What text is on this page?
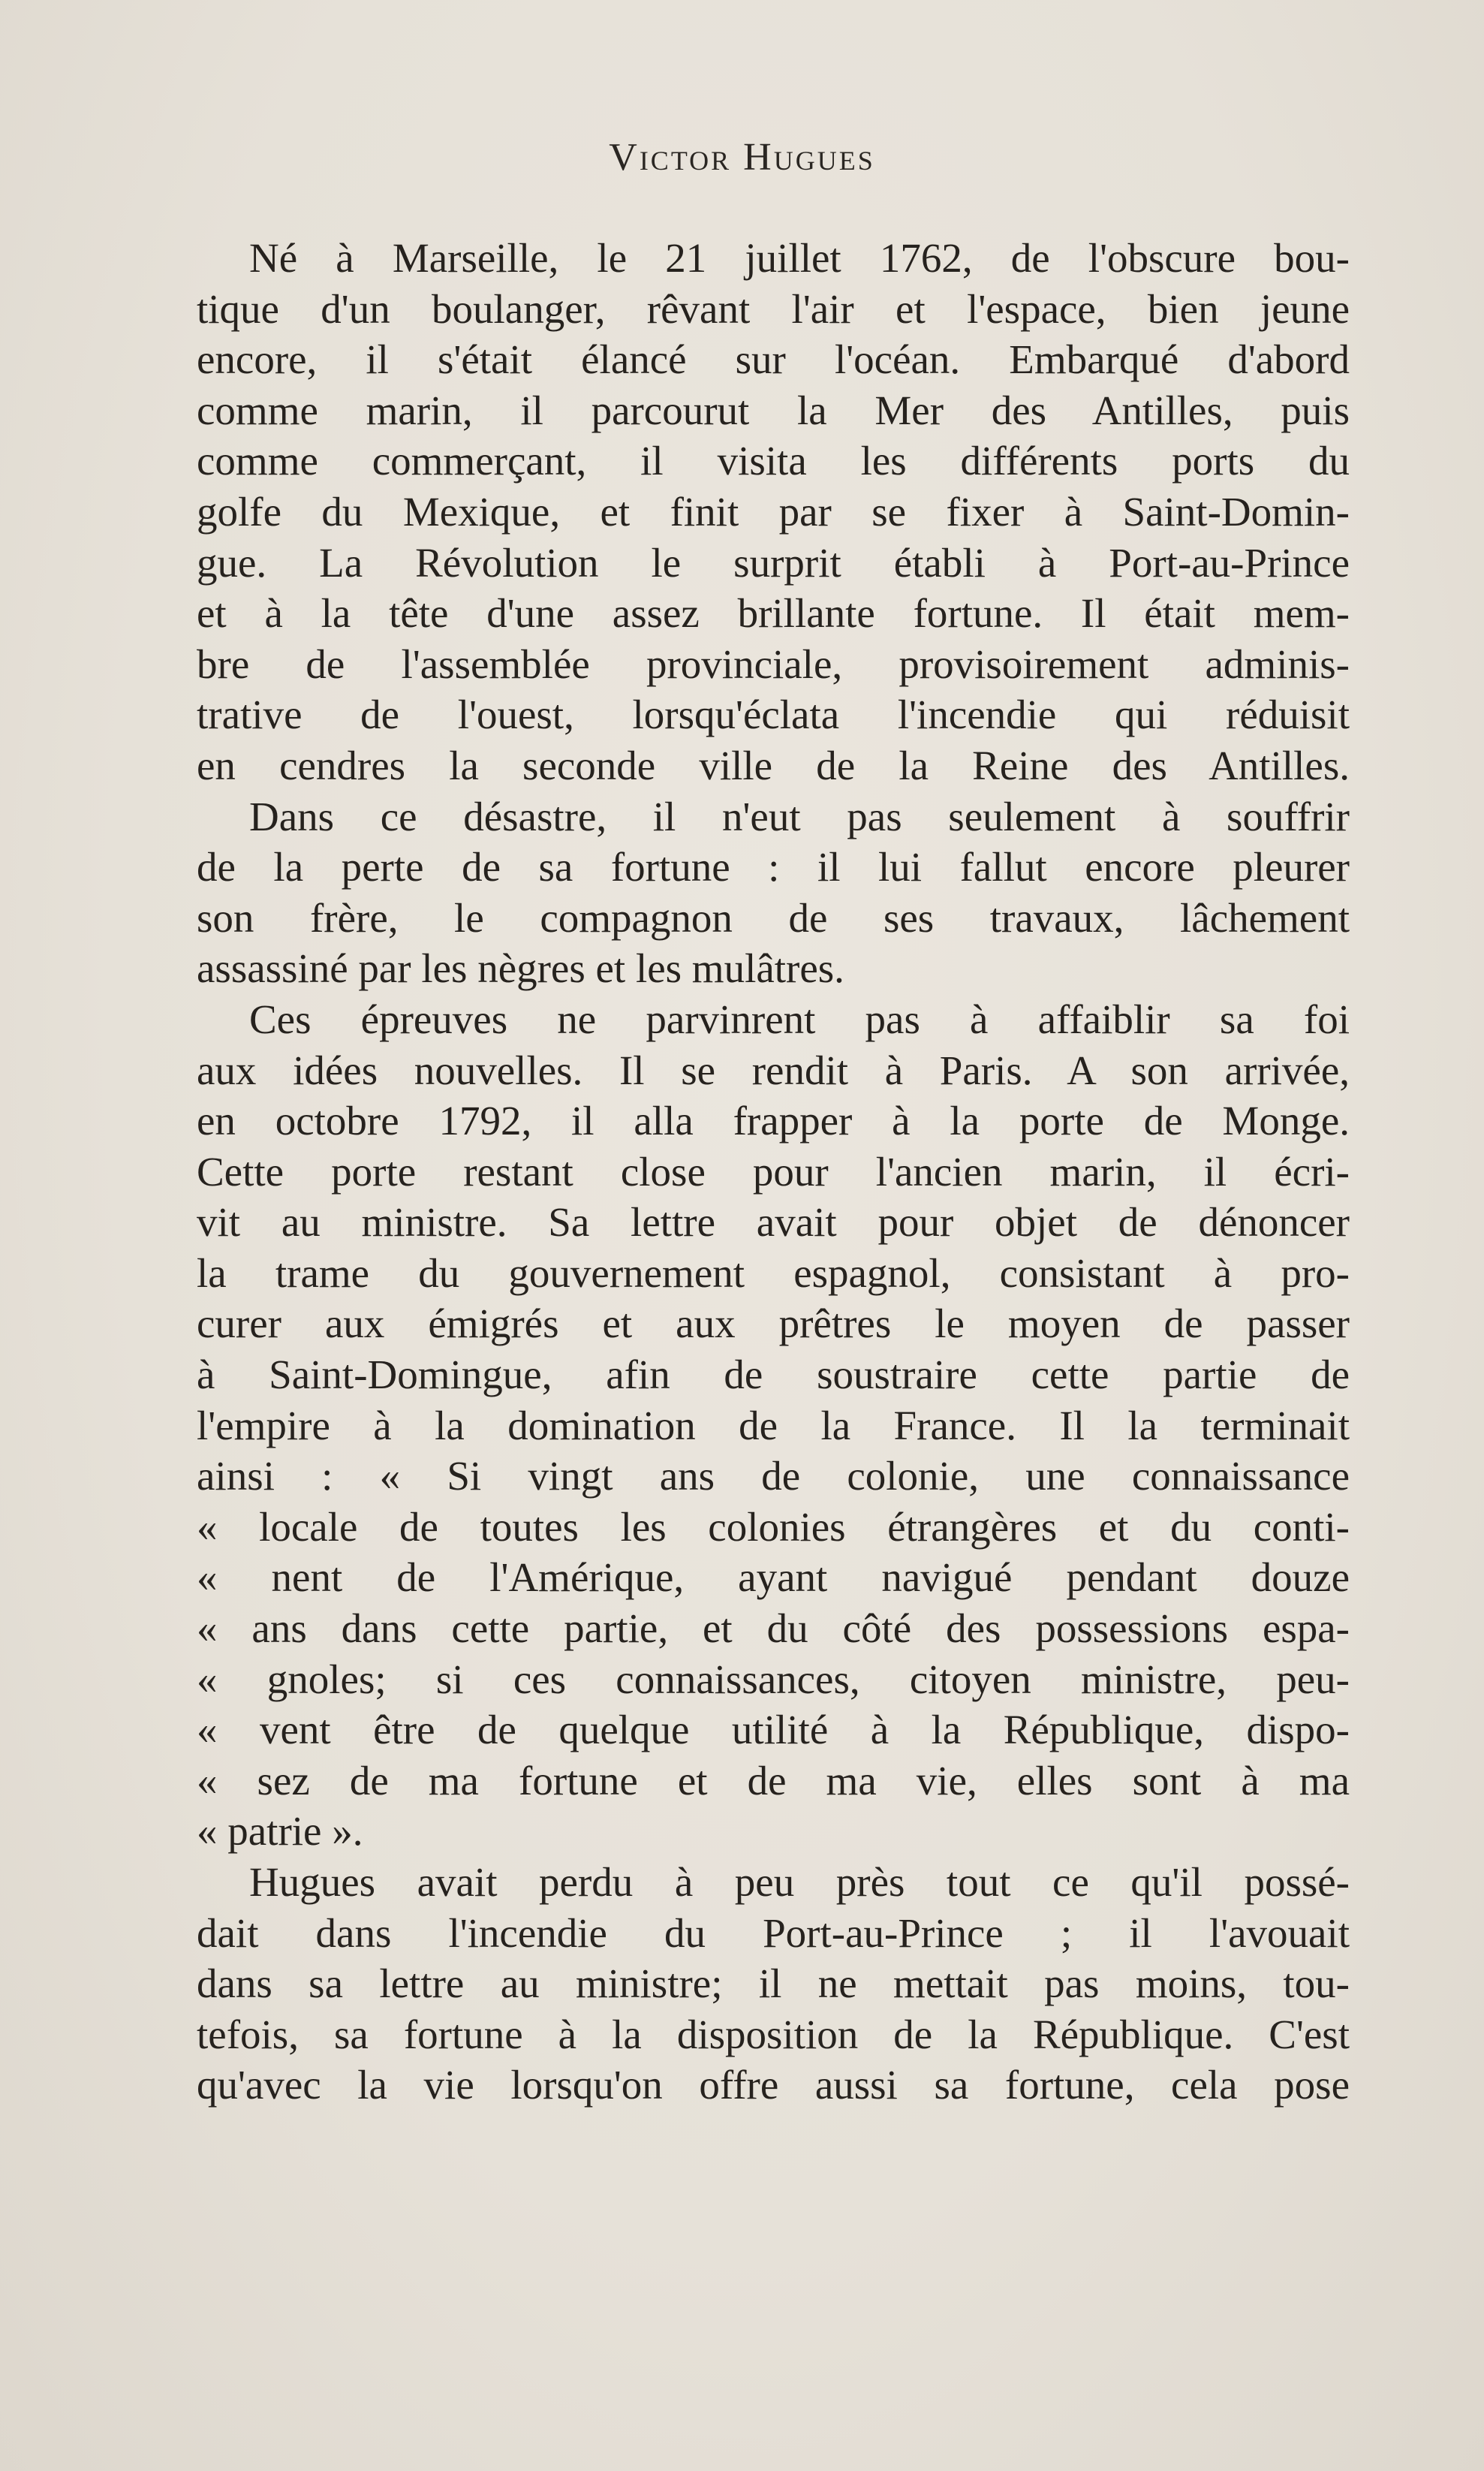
Victor Hugues
Né à Marseille, le 21 juillet 1762, de l'obscure bou-
tique d'un boulanger, rêvant l'air et l'espace, bien jeune
encore, il s'était élancé sur l'océan. Embarqué d'abord
comme marin, il parcourut la Mer des Antilles, puis
comme commerçant, il visita les différents ports du
golfe du Mexique, et finit par se fixer à Saint-Domin-
gue. La Révolution le surprit établi à Port-au-Prince
et à la tête d'une assez brillante fortune. Il était mem-
bre de l'assemblée provinciale, provisoirement adminis-
trative de l'ouest, lorsqu'éclata l'incendie qui réduisit
en cendres la seconde ville de la Reine des Antilles.
Dans ce désastre, il n'eut pas seulement à souffrir
de la perte de sa fortune : il lui fallut encore pleurer
son frère, le compagnon de ses travaux, lâchement
assassiné par les nègres et les mulâtres.
Ces épreuves ne parvinrent pas à affaiblir sa foi
aux idées nouvelles. Il se rendit à Paris. A son arrivée,
en octobre 1792, il alla frapper à la porte de Monge.
Cette porte restant close pour l'ancien marin, il écri-
vit au ministre. Sa lettre avait pour objet de dénoncer
la trame du gouvernement espagnol, consistant à pro-
curer aux émigrés et aux prêtres le moyen de passer
à Saint-Domingue, afin de soustraire cette partie de
l'empire à la domination de la France. Il la terminait
ainsi : « Si vingt ans de colonie, une connaissance
« locale de toutes les colonies étrangères et du conti-
« nent de l'Amérique, ayant navigué pendant douze
« ans dans cette partie, et du côté des possessions espa-
« gnoles; si ces connaissances, citoyen ministre, peu-
« vent être de quelque utilité à la République, dispo-
« sez de ma fortune et de ma vie, elles sont à ma
« patrie ».
Hugues avait perdu à peu près tout ce qu'il possé-
dait dans l'incendie du Port-au-Prince ; il l'avouait
dans sa lettre au ministre; il ne mettait pas moins, tou-
tefois, sa fortune à la disposition de la République. C'est
qu'avec la vie lorsqu'on offre aussi sa fortune, cela pose
